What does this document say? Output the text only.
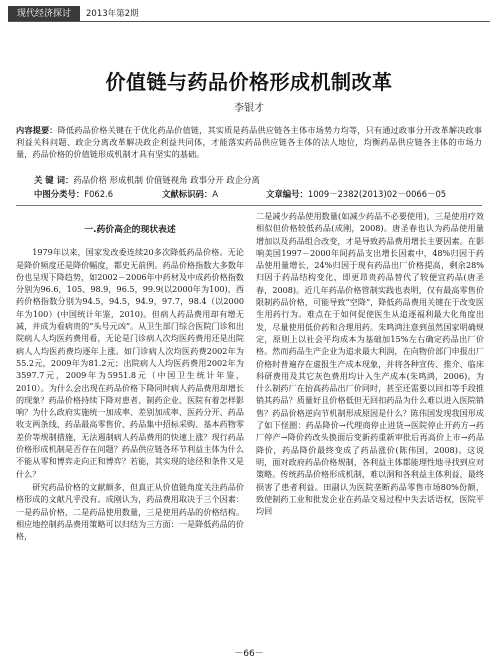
现代经济探讨	2013年第2期
价值链与药品价格形成机制改革
李银才
内容提要：降低药品价格关键在于优化药品价值链，其实质是药品供应链各主体市场势力均等，只有通过政事分开改革解决政事利益关科问题、政企分离改革解决政企利益共同体，才能落实药品供应链各主体的法人地位，均衡药品供应链各主体的市场力量，药品价格的价值链形成机制才具有坚实的基础。
关 键 词：药品价格 形成机制 价值链视角 政事分开 政企分离
中图分类号：F062.6	文献标识码：A	文章编号：1009－2382(2013)02－0066－05
一.药价高企的现状表述

1979年以来，国家发改委连续20多次降低药品价格。无论是降价频度还是降价幅度，都史无前例。药品价格指数大多数年份也呈现下降趋势，如2002－2006年中药材及中成药价格指数分别为96.6，105、98.9，96.5，99.9(以2000年为100)，西药价格指数分别为94.5，94.5，94.9，97.7，98.4（以2000年为100）(中国统计年鉴，2010)。但病人药品费用却有增无减，并成为看病贵的“头号元凶”。从卫生部门综合医院门诊和出院病人人均医药费用看，无论是门诊病人次均医药费用还是出院病人人均医药费均逐年上涨。如门诊病人次均医药费2002年为55.2元，2009年为81.2元；出院病人人均医药费用2002年为3597.7元，2009年为5951.8元（中国卫生统计年鉴，2010）。为什么会出现在药品价格下降同时病人药品费用却增长的现象？药品价格持续下降对患者、制药企业、医院有着怎样影响？为什么政府实施统一加成率、差别加成率、医药分开、药品收支两条线、药品最高零售价、药品集中招标采购、基本药物零差价等规制措施，无法遏制病人药品费用的快速上涨？现行药品价格形成机制是否存在问题？药品供应链各环节利益主体为什么不能从零和博弈走向正和博弈？若能，其实现的途径和条件又是什么？

研究药品价格的文献颇多，但真正从价值链角度关注药品价格形成的文献凡乎没有。成刚认为，药品费用取决于三个因素：一是药品价格，二是药品使用数量，三是使用药品的价格结构。相应地控制药品费用策略可以归结为三方面：一是降低药品的价格，

二是减少药品使用数量(如减少药品不必要使用)，三是使用疗效相似但价格较低药品(成刚，2008)。唐圣春也认为药品使用量增加以及药品组合改变，才是导致药品费用增长主要因素。在影响美国1997－2000年间药品支出增长因素中，48%归因于药品使用量增长，24%归因于现有药品出厂价格提高，剩余28%归因于药品结构变化，即更昂贵药品替代了较便宜药品(唐圣春，2008)。近几年药品价格管制实践也表明，仅有最高零售价限制药品价格，可能导致“空降”，降低药品费用关键在于改变医生用药行为。难点在于如何促使医生从追逐福利最大化角度出发，尽量使用低价药和合理用药。朱鸣鸿注意到虽然国家明确规定，原则上以社会平均成本为基础加15%左右确定药品出厂价格。然而药品生产企业为追求最大利润，在向物价部门申报出厂价格时普遍存在虚报生产成本现象，并将各种宣传、推介、临床科研费用及其它灰色费用均计入生产成本(朱鸣鸿，2006)。为什么制药厂在抬高药品出厂价同时，甚至还需要以回扣等手段推销其药品？质量好且价格低但无回扣药品为什么难以进入医院销售？药品价格逆向节机制形成原因是什么？陈伟国发现我国形成了如下怪圈：药品降价→代理商停止进货→医院停止开药方→药厂停产→降价药改头换面后变新药重新审批后再高价上市→药品降价，药品降价最终变成了药品涨价(陈伟国，2008)。这说明，面对政府药品价格规制，各利益主体都能理性地寻找到应对策略。传统药品价格形成机制，难以洞和各利益主体利益，最终损害了患者利益。田副认为医院垄断药品零售市场80%份额，致使制药工业和批发企业在药品交易过程中失去话语权，医院平均回

－66－
